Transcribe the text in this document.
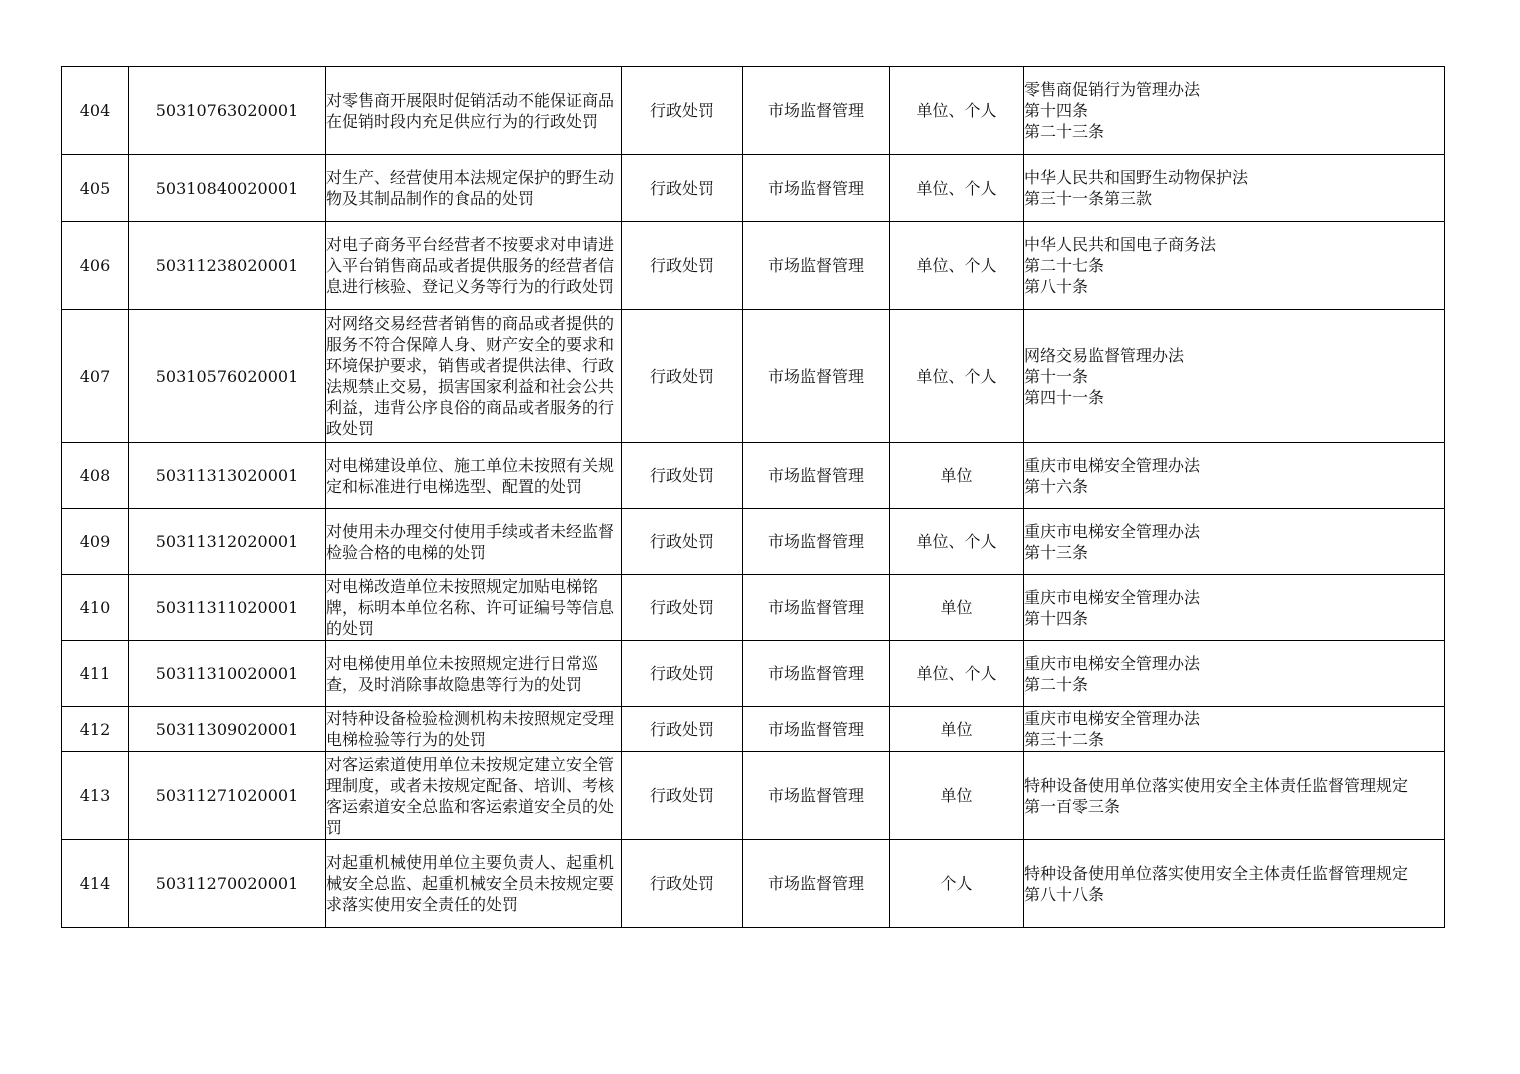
404	50310763020001	对零售商开展限时促销活动不能保证商品在促销时段内充足供应行为的行政处罚	行政处罚	市场监督管理	单位、个人	零售商促销行为管理办法
第十四条
第二十三条

405	50310840020001	对生产、经营使用本法规定保护的野生动物及其制品制作的食品的处罚	行政处罚	市场监督管理	单位、个人	中华人民共和国野生动物保护法
第三十一条第三款

406	50311238020001	对电子商务平台经营者不按要求对申请进入平台销售商品或者提供服务的经营者信息进行核验、登记义务等行为的行政处罚	行政处罚	市场监督管理	单位、个人	中华人民共和国电子商务法
第二十七条
第八十条

407	50310576020001	对网络交易经营者销售的商品或者提供的服务不符合保障人身、财产安全的要求和环境保护要求，销售或者提供法律、行政法规禁止交易，损害国家利益和社会公共利益，违背公序良俗的商品或者服务的行政处罚	行政处罚	市场监督管理	单位、个人	网络交易监督管理办法
第十一条
第四十一条

408	50311313020001	对电梯建设单位、施工单位未按照有关规定和标准进行电梯选型、配置的处罚	行政处罚	市场监督管理	单位	重庆市电梯安全管理办法
第十六条

409	50311312020001	对使用未办理交付使用手续或者未经监督检验合格的电梯的处罚	行政处罚	市场监督管理	单位、个人	重庆市电梯安全管理办法
第十三条

410	50311311020001	对电梯改造单位未按照规定加贴电梯铭牌，标明本单位名称、许可证编号等信息的处罚	行政处罚	市场监督管理	单位	重庆市电梯安全管理办法
第十四条

411	50311310020001	对电梯使用单位未按照规定进行日常巡查，及时消除事故隐患等行为的处罚	行政处罚	市场监督管理	单位、个人	重庆市电梯安全管理办法
第二十条

412	50311309020001	对特种设备检验检测机构未按照规定受理电梯检验等行为的处罚	行政处罚	市场监督管理	单位	重庆市电梯安全管理办法
第三十二条

413	50311271020001	对客运索道使用单位未按规定建立安全管理制度，或者未按规定配备、培训、考核客运索道安全总监和客运索道安全员的处罚	行政处罚	市场监督管理	单位	特种设备使用单位落实使用安全主体责任监督管理规定
第一百零三条

414	50311270020001	对起重机械使用单位主要负责人、起重机械安全总监、起重机械安全员未按规定要求落实使用安全责任的处罚	行政处罚	市场监督管理	个人	特种设备使用单位落实使用安全主体责任监督管理规定
第八十八条
